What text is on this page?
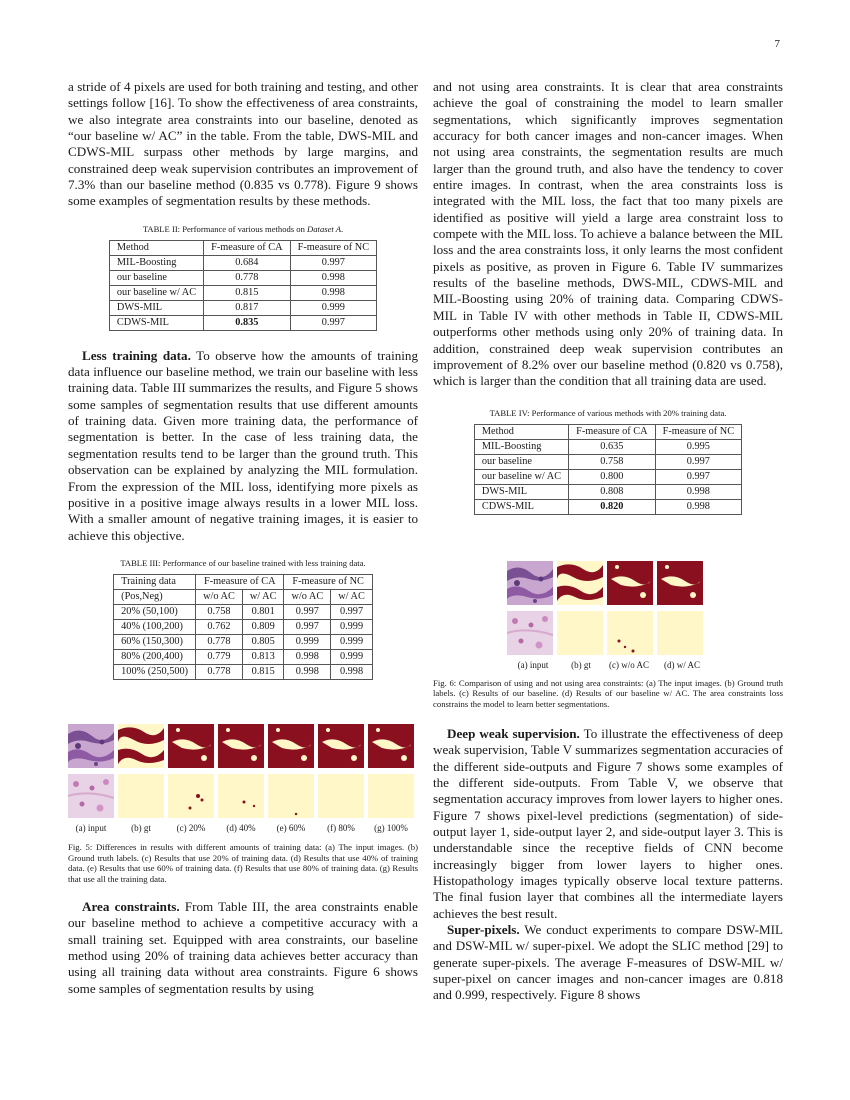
7

a stride of 4 pixels are used for both training and testing, and other settings follow [16]. To show the effectiveness of area constraints, we also integrate area constraints into our baseline, denoted as “our baseline w/ AC” in the table. From the table, DWS-MIL and CDWS-MIL surpass other methods by large margins, and constrained deep weak supervision contributes an improvement of 7.3% than our baseline method (0.835 vs 0.778). Figure 9 shows some examples of segmentation results by these methods.

TABLE II: Performance of various methods on Dataset A.
Method	F-measure of CA	F-measure of NC
MIL-Boosting	0.684	0.997
our baseline	0.778	0.998
our baseline w/ AC	0.815	0.998
DWS-MIL	0.817	0.999
CDWS-MIL	0.835	0.997

Less training data. To observe how the amounts of training data influence our baseline method, we train our baseline with less training data. Table III summarizes the results, and Figure 5 shows some samples of segmentation results that use different amounts of training data. Given more training data, the performance of segmentation is better. In the case of less training data, the segmentation results tend to be larger than the ground truth. This observation can be explained by analyzing the MIL formulation. From the expression of the MIL loss, identifying more pixels as positive in a positive image always results in a lower MIL loss. With a smaller amount of negative training images, it is easier to achieve this objective.

TABLE III: Performance of our baseline trained with less training data.
Training data	F-measure of CA		F-measure of NC	
(Pos,Neg)	w/o AC	w/ AC	w/o AC	w/ AC
20% (50,100)	0.758	0.801	0.997	0.997
40% (100,200)	0.762	0.809	0.997	0.999
60% (150,300)	0.778	0.805	0.999	0.999
80% (200,400)	0.779	0.813	0.998	0.999
100% (250,500)	0.778	0.815	0.998	0.998
(a) input	(b) gt	(c) 20%	(d) 40%	(e) 60%	(f) 80%	(g) 100%
Fig. 5: Differences in results with different amounts of training data: (a) The input images. (b) Ground truth labels. (c) Results that use 20% of training data. (d) Results that use 40% of training data. (e) Results that use 60% of training data. (f) Results that use 80% of training data. (g) Results that use all the training data.

Area constraints. From Table III, the area constraints enable our baseline method to achieve a competitive accuracy with a small training set. Equipped with area constraints, our baseline method using 20% of training data achieves better accuracy than using all training data without area constraints. Figure 6 shows some samples of segmentation results by using

and not using area constraints. It is clear that area constraints achieve the goal of constraining the model to learn smaller segmentations, which significantly improves segmentation accuracy for both cancer images and non-cancer images. When not using area constraints, the segmentation results are much larger than the ground truth, and also have the tendency to cover entire images. In contrast, when the area constraints loss is integrated with the MIL loss, the fact that too many pixels are identified as positive will yield a large area constraint loss to compete with the MIL loss. To achieve a balance between the MIL loss and the area constraints loss, it only learns the most confident pixels as positive, as proven in Figure 6. Table IV summarizes results of the baseline methods, DWS-MIL, CDWS-MIL and MIL-Boosting using 20% of training data. Comparing CDWS-MIL in Table IV with other methods in Table II, CDWS-MIL outperforms other methods using only 20% of training data. In addition, constrained deep weak supervision contributes an improvement of 8.2% over our baseline method (0.820 vs 0.758), which is larger than the condition that all training data are used.

TABLE IV: Performance of various methods with 20% training data.
Method	F-measure of CA	F-measure of NC
MIL-Boosting	0.635	0.995
our baseline	0.758	0.997
our baseline w/ AC	0.800	0.997
DWS-MIL	0.808	0.998
CDWS-MIL	0.820	0.998
(a) input	(b) gt	(c) w/o AC	(d) w/ AC
Fig. 6: Comparison of using and not using area constraints: (a) The input images. (b) Ground truth labels. (c) Results of our baseline. (d) Results of our baseline w/ AC. The area constraints loss constrains the model to learn better segmentations.

Deep weak supervision. To illustrate the effectiveness of deep weak supervision, Table V summarizes segmentation accuracies of the different side-outputs and Figure 7 shows some examples of the different side-outputs. From Table V, we observe that segmentation accuracy improves from lower layers to higher ones. Figure 7 shows pixel-level predictions (segmentation) of side-output layer 1, side-output layer 2, and side-output layer 3. This is understandable since the receptive fields of CNN become increasingly bigger from lower layers to higher ones. Histopathology images typically observe local texture patterns. The final fusion layer that combines all the intermediate layers achieves the best result.

Super-pixels. We conduct experiments to compare DSW-MIL and DSW-MIL w/ super-pixel. We adopt the SLIC method [29] to generate super-pixels. The average F-measures of DSW-MIL w/ super-pixel on cancer images and non-cancer images are 0.818 and 0.999, respectively. Figure 8 shows
